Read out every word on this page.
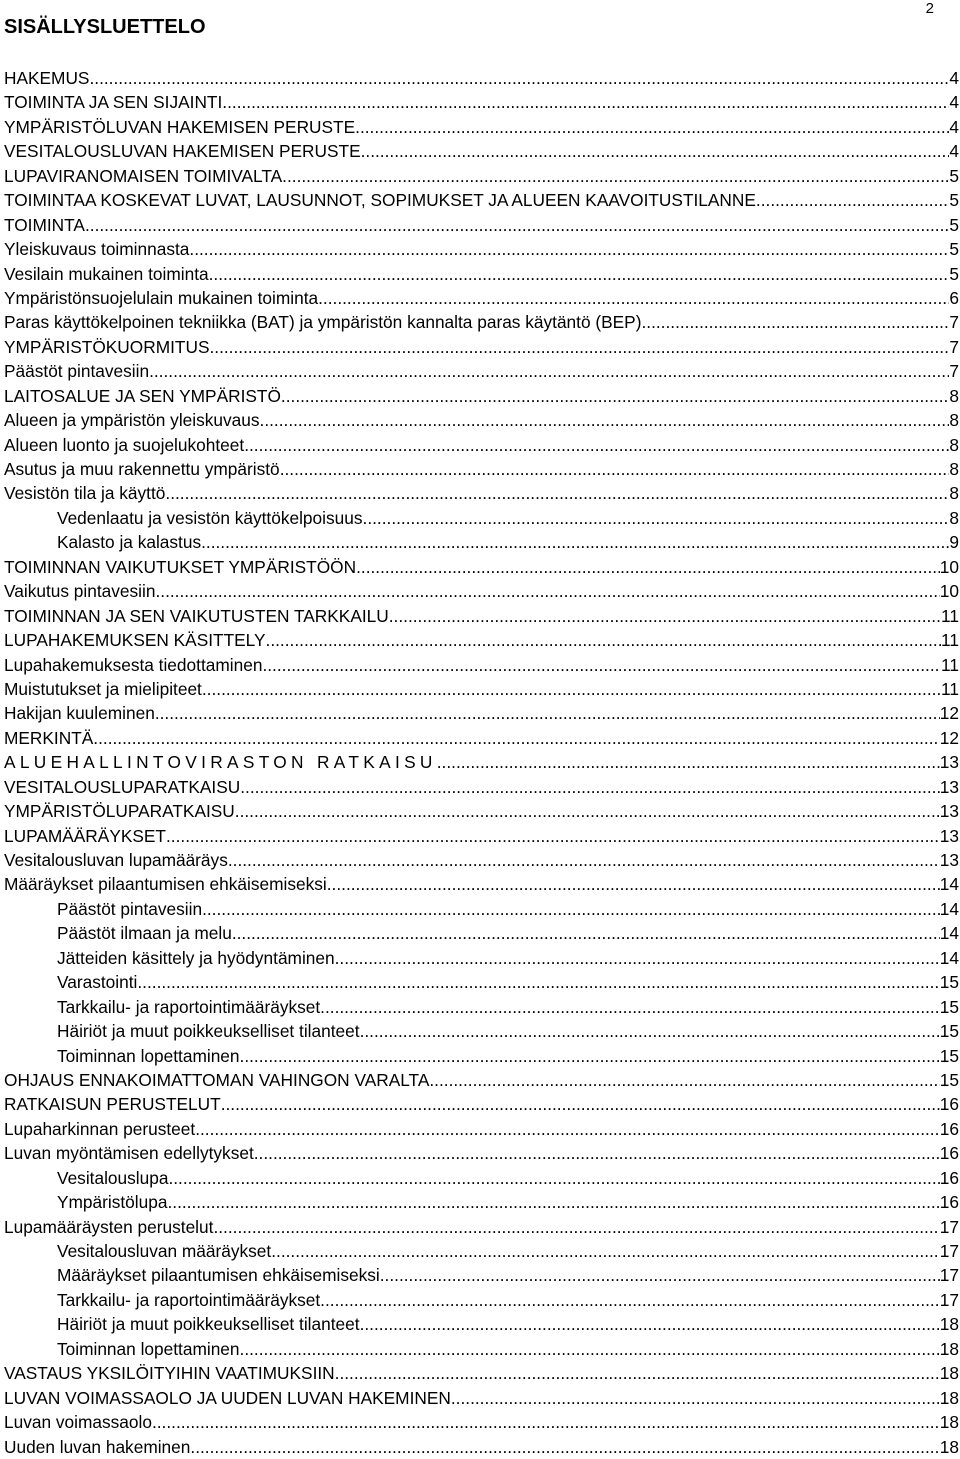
2
SISÄLLYSLUETTELO
HAKEMUS .....	4
TOIMINTA JA SEN SIJAINTI .....	4
YMPÄRISTÖLUVAN HAKEMISEN PERUSTE .....	4
VESITALOUSLUVAN HAKEMISEN PERUSTE .....	4
LUPAVIRANOMAISEN TOIMIVALTA .....	5
TOIMINTAA KOSKEVAT LUVAT, LAUSUNNOT, SOPIMUKSET JA ALUEEN KAAVOITUSTILANNE .....	5
TOIMINTA .....	5
Yleiskuvaus toiminnasta .....	5
Vesilain mukainen toiminta .....	5
Ympäristönsuojelulain mukainen toiminta .....	6
Paras käyttökelpoinen tekniikka (BAT) ja ympäristön kannalta paras käytäntö (BEP) .....	7
YMPÄRISTÖKUORMITUS .....	7
Päästöt pintavesiin .....	7
LAITOSALUE JA SEN YMPÄRISTÖ .....	8
Alueen ja ympäristön yleiskuvaus .....	8
Alueen luonto ja suojelukohteet .....	8
Asutus ja muu rakennettu ympäristö .....	8
Vesistön tila ja käyttö .....	8
Vedenlaatu ja vesistön käyttökelpoisuus .....	8
Kalasto ja kalastus .....	9
TOIMINNAN VAIKUTUKSET YMPÄRISTÖÖN .....	10
Vaikutus pintavesiin .....	10
TOIMINNAN JA SEN VAIKUTUSTEN TARKKAILU .....	11
LUPAHAKEMUKSEN KÄSITTELY .....	11
Lupahakemuksesta tiedottaminen .....	11
Muistutukset ja mielipiteet .....	11
Hakijan kuuleminen .....	12
MERKINTÄ .....	12
ALUEHALLINTOVIRASTON RATKAISU .....	13
VESITALOUSLUPARATKAISU .....	13
YMPÄRISTÖLUPARATKAISU .....	13
LUPAMÄÄRÄYKSET .....	13
Vesitalousluvan lupamääräys .....	13
Määräykset pilaantumisen ehkäisemiseksi .....	14
Päästöt pintavesiin .....	14
Päästöt ilmaan ja melu .....	14
Jätteiden käsittely ja hyödyntäminen .....	14
Varastointi .....	15
Tarkkailu- ja raportointimääräykset .....	15
Häiriöt ja muut poikkeukselliset tilanteet .....	15
Toiminnan lopettaminen .....	15
OHJAUS ENNAKOIMATTOMAN VAHINGON VARALTA .....	15
RATKAISUN PERUSTELUT .....	16
Lupaharkinnan perusteet .....	16
Luvan myöntämisen edellytykset .....	16
Vesitalouslupa .....	16
Ympäristölupa .....	16
Lupamääräysten perustelut .....	17
Vesitalousluvan määräykset .....	17
Määräykset pilaantumisen ehkäisemiseksi .....	17
Tarkkailu- ja raportointimääräykset .....	17
Häiriöt ja muut poikkeukselliset tilanteet .....	18
Toiminnan lopettaminen .....	18
VASTAUS YKSILÖITYIHIN VAATIMUKSIIN .....	18
LUVAN VOIMASSAOLO JA UUDEN LUVAN HAKEMINEN .....	18
Luvan voimassaolo .....	18
Uuden luvan hakeminen .....	18
